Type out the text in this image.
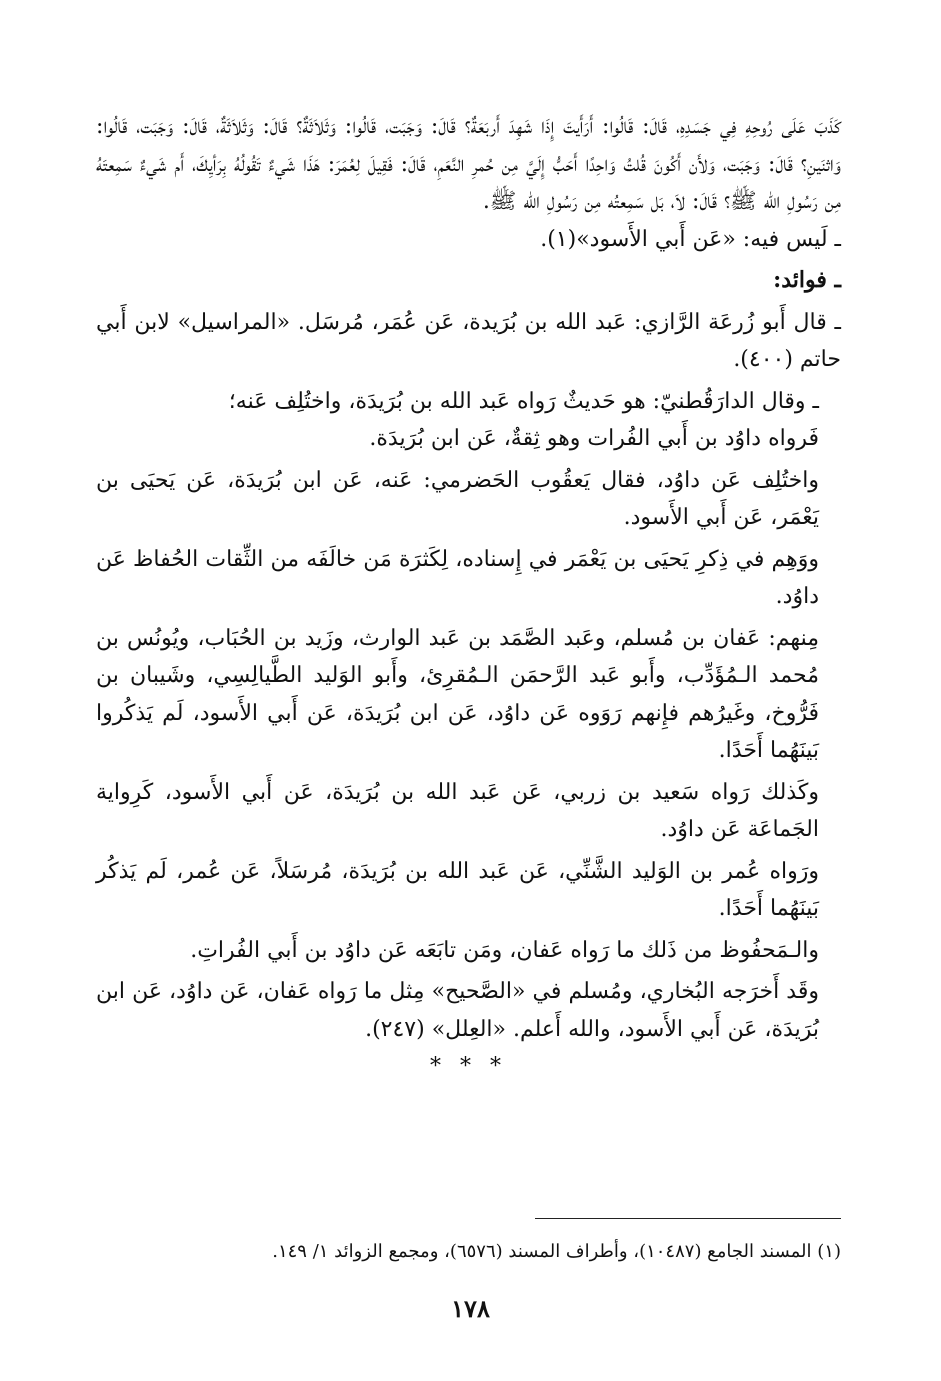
كَذَبَ عَلَى رُوحِهِ فِي جَسَدِهِ، قَالَ: قَالُوا: أَرَأَيتَ إِذَا شَهِدَ أَربَعَةٌ؟ قَالَ: وَجَبَت، قَالُوا: وَثَلاَثَةٌ؟ قَالَ: وَثَلاَثَةٌ، قَالَ: وَجَبَت، قَالُوا: وَاثنَينِ؟ قَالَ: وَجَبَت، وَلأَن أَكُونَ قُلتُ وَاحِدًا أَحَبُّ إِلَيَّ مِن حُمرِ النَّعَمِ، قَالَ: فَقِيلَ لِعُمَرَ: هَذَا شَيءٌ تَقُولُهُ بِرَأيِكَ، أَم شَيءٌ سَمِعتَهُ مِن رَسُولِ الله ﷺ؟ قَالَ: لاَ، بَل سَمِعتُه مِن رَسُولِ الله ﷺ.

ـ لَيس فيه: «عَن أَبي الأَسود»(١).

ـ فوائد:

ـ قال أَبو زُرعَة الرَّازي: عَبد الله بن بُرَيدة، عَن عُمَر، مُرسَل. «المراسيل» لابن أَبي حاتم (٤٠٠).

ـ وقال الدارَقُطنيّ: هو حَديثٌ رَواه عَبد الله بن بُرَيدَة، واختُلِف عَنه؛

فَرواه داوُد بن أَبي الفُرات وهو ثِقةٌ، عَن ابن بُرَيدَة.

واختُلِف عَن داوُد، فقال يَعقُوب الحَضرمي: عَنه، عَن ابن بُرَيدَة، عَن يَحيَى بن يَعْمَر، عَن أَبي الأَسود.

ووَهِم في ذِكرِ يَحيَى بن يَعْمَر في إِسناده، لِكَثرَة مَن خالَفَه من الثِّقات الحُفاظ عَن داوُد.

مِنهم: عَفان بن مُسلم، وعَبد الصَّمَد بن عَبد الوارث، وزَيد بن الحُبَاب، ويُونُس بن مُحمد الـمُؤَدِّب، وأَبو عَبد الرَّحمَن الـمُقرِئ، وأَبو الوَليد الطَّيالِسِي، وشَيبان بن فَرُّوخ، وغَيرُهم فإِنهم رَوَوه عَن داوُد، عَن ابن بُرَيدَة، عَن أَبي الأَسود، لَم يَذكُروا بَينَهُما أَحَدًا.

وكَذلك رَواه سَعيد بن زربي، عَن عَبد الله بن بُرَيدَة، عَن أَبي الأَسود، كَرِواية الجَماعَة عَن داوُد.

ورَواه عُمر بن الوَليد الشَّنِّي، عَن عَبد الله بن بُرَيدَة، مُرسَلاً، عَن عُمر، لَم يَذكُر بَينَهُما أَحَدًا.

والـمَحفُوظ من ذَلك ما رَواه عَفان، ومَن تابَعَه عَن داوُد بن أَبي الفُراتِ.

وقَد أَخرَجه البُخاري، ومُسلم في «الصَّحيح» مِثل ما رَواه عَفان، عَن داوُد، عَن ابن بُرَيدَة، عَن أَبي الأَسود، والله أَعلم. «العِلل» (٢٤٧).

* * *

(١) المسند الجامع (١٠٤٨٧)، وأطراف المسند (٦٥٧٦)، ومجمع الزوائد ١/ ١٤٩.
١٧٨
